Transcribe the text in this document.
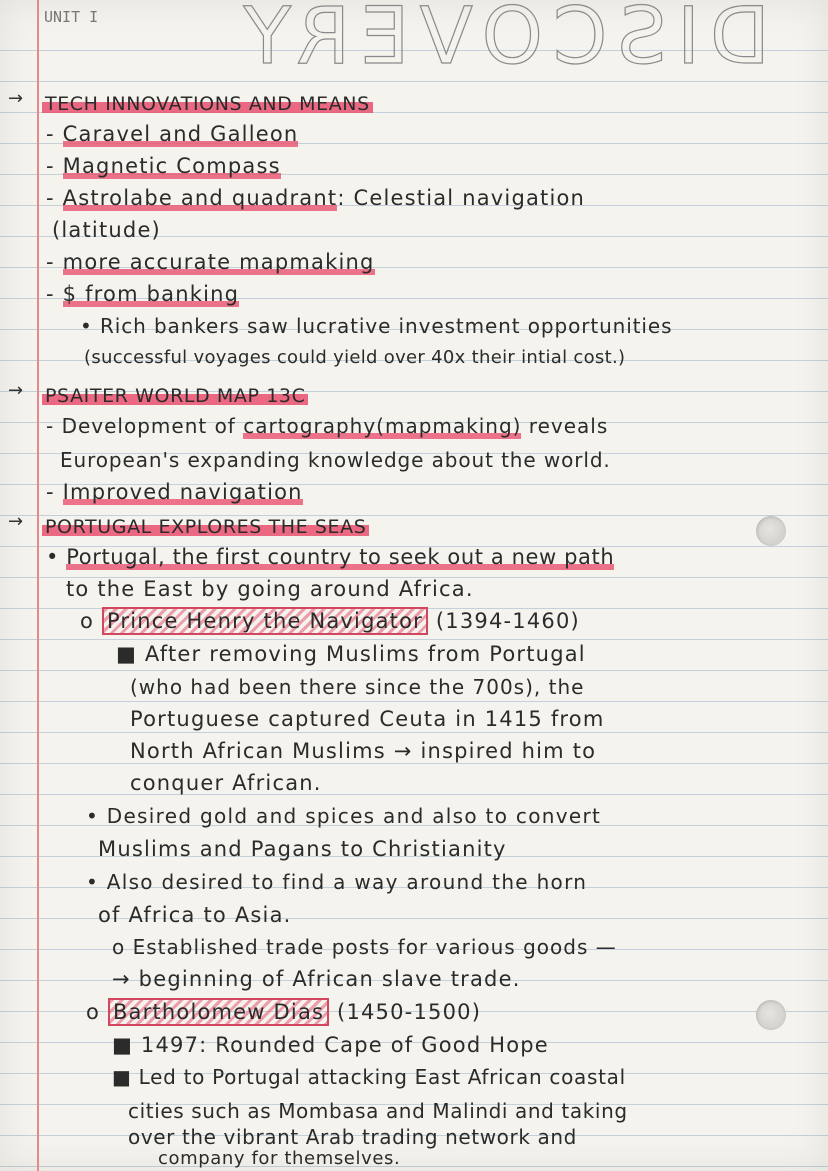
UNIT I DISCOVERY
→ TECH INNOVATIONS AND MEANS
- Caravel and Galleon
- Magnetic Compass
- Astrolabe and quadrant: Celestial navigation
(latitude)
- more accurate mapmaking
- $ from banking
• Rich bankers saw lucrative investment opportunities
(successful voyages could yield over 40x their intial cost.)
→ PSAITER WORLD MAP 13C
- Development of cartography(mapmaking) reveals
European's expanding knowledge about the world.
- Improved navigation
→ PORTUGAL EXPLORES THE SEAS
• Portugal, the first country to seek out a new path
to the East by going around Africa.
o Prince Henry the Navigator (1394-1460)
■ After removing Muslims from Portugal
(who had been there since the 700s), the
Portuguese captured Ceuta in 1415 from
North African Muslims → inspired him to
conquer African.
• Desired gold and spices and also to convert
Muslims and Pagans to Christianity
• Also desired to find a way around the horn
of Africa to Asia.
o Established trade posts for various goods —
→ beginning of African slave trade.
o Bartholomew Dias (1450-1500)
■ 1497: Rounded Cape of Good Hope
■ Led to Portugal attacking East African coastal
cities such as Mombasa and Malindi and taking
over the vibrant Arab trading network and
company for themselves.
